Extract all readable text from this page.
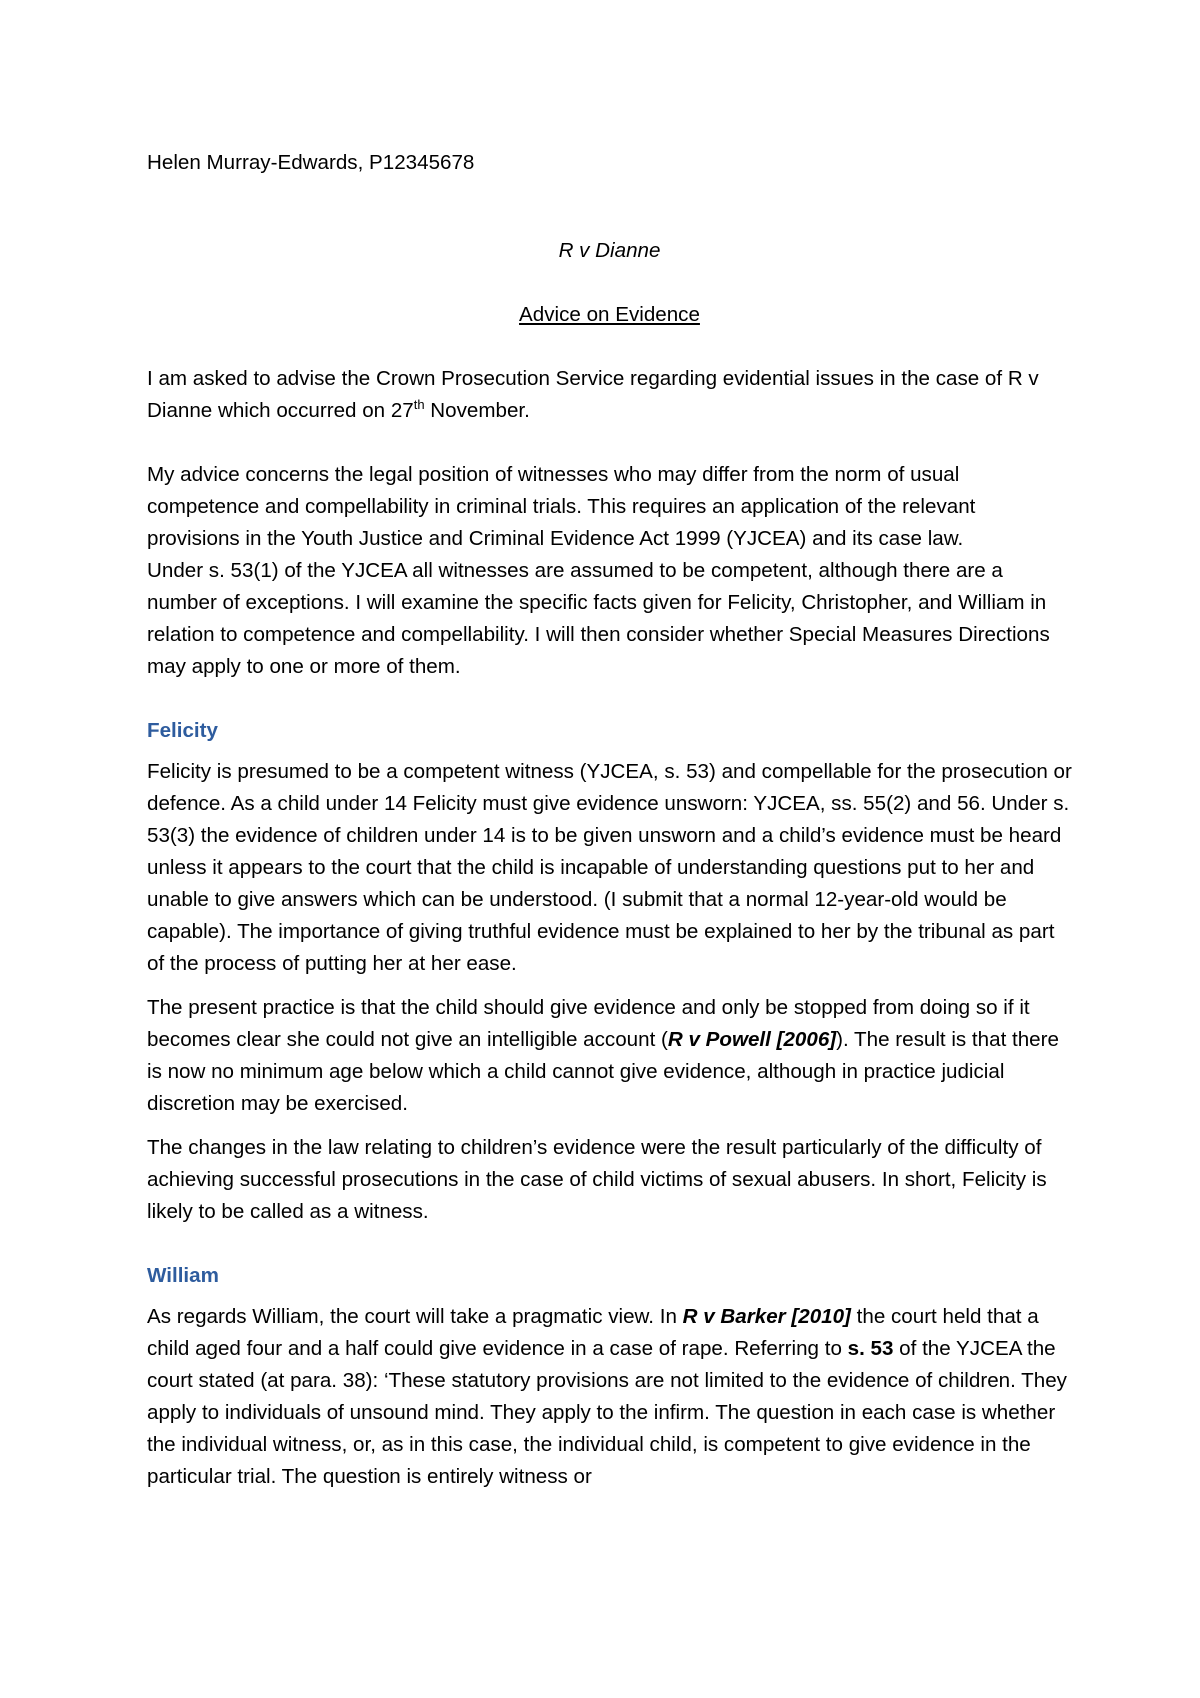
Helen Murray-Edwards, P12345678

R v Dianne

Advice on Evidence

I am asked to advise the Crown Prosecution Service regarding evidential issues in the case of R v Dianne which occurred on 27th November.

My advice concerns the legal position of witnesses who may differ from the norm of usual competence and compellability in criminal trials. This requires an application of the relevant provisions in the Youth Justice and Criminal Evidence Act 1999 (YJCEA) and its case law.
Under s. 53(1) of the YJCEA all witnesses are assumed to be competent, although there are a number of exceptions. I will examine the specific facts given for Felicity, Christopher, and William in relation to competence and compellability. I will then consider whether Special Measures Directions may apply to one or more of them.

Felicity

Felicity is presumed to be a competent witness (YJCEA, s. 53) and compellable for the prosecution or defence. As a child under 14 Felicity must give evidence unsworn: YJCEA, ss. 55(2) and 56. Under s. 53(3) the evidence of children under 14 is to be given unsworn and a child’s evidence must be heard unless it appears to the court that the child is incapable of understanding questions put to her and unable to give answers which can be understood. (I submit that a normal 12-year-old would be capable). The importance of giving truthful evidence must be explained to her by the tribunal as part of the process of putting her at her ease.

The present practice is that the child should give evidence and only be stopped from doing so if it becomes clear she could not give an intelligible account (R v Powell [2006]). The result is that there is now no minimum age below which a child cannot give evidence, although in practice judicial discretion may be exercised.

The changes in the law relating to children’s evidence were the result particularly of the difficulty of achieving successful prosecutions in the case of child victims of sexual abusers. In short, Felicity is likely to be called as a witness.

William

As regards William, the court will take a pragmatic view. In R v Barker [2010] the court held that a child aged four and a half could give evidence in a case of rape. Referring to s. 53 of the YJCEA the court stated (at para. 38): ‘These statutory provisions are not limited to the evidence of children. They apply to individuals of unsound mind. They apply to the infirm. The question in each case is whether the individual witness, or, as in this case, the individual child, is competent to give evidence in the particular trial. The question is entirely witness or
